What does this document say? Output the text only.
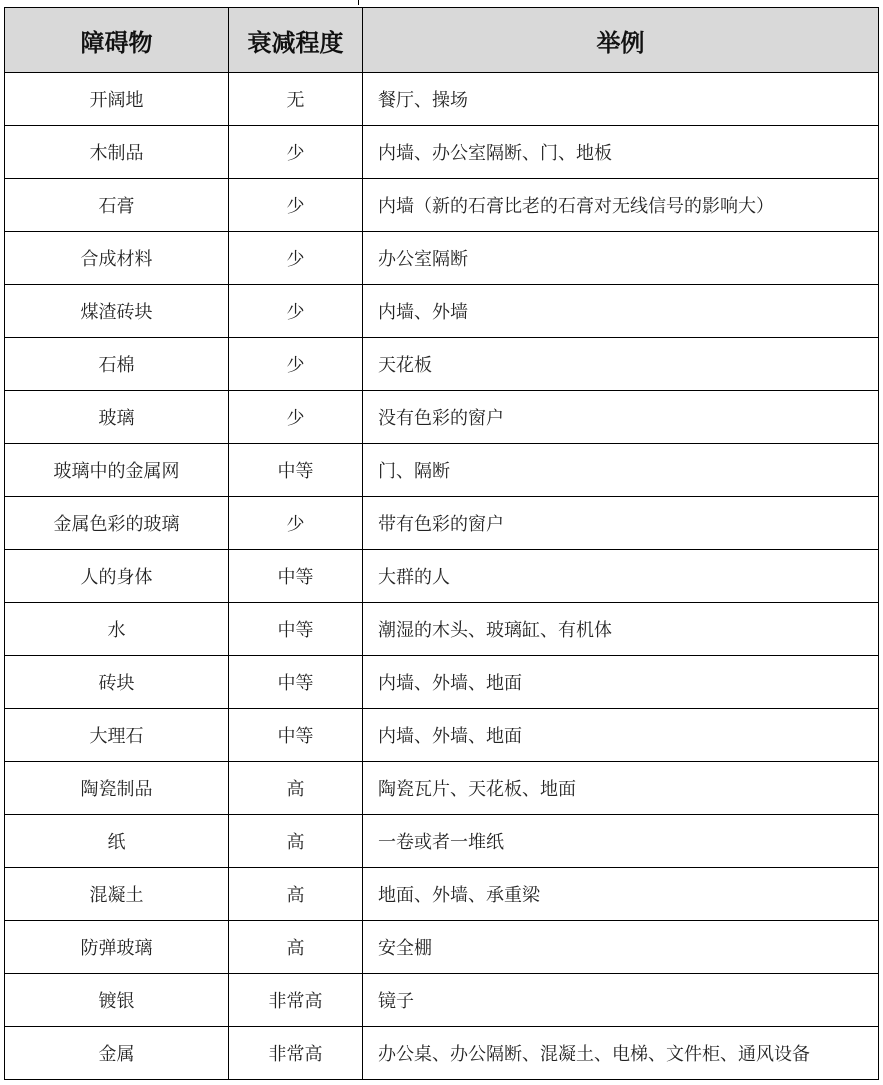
障碍物	衰减程度	举例
开阔地	无	餐厅、操场
木制品	少	内墙、办公室隔断、门、地板
石膏	少	内墙（新的石膏比老的石膏对无线信号的影响大）
合成材料	少	办公室隔断
煤渣砖块	少	内墙、外墙
石棉	少	天花板
玻璃	少	没有色彩的窗户
玻璃中的金属网	中等	门、隔断
金属色彩的玻璃	少	带有色彩的窗户
人的身体	中等	大群的人
水	中等	潮湿的木头、玻璃缸、有机体
砖块	中等	内墙、外墙、地面
大理石	中等	内墙、外墙、地面
陶瓷制品	高	陶瓷瓦片、天花板、地面
纸	高	一卷或者一堆纸
混凝土	高	地面、外墙、承重梁
防弹玻璃	高	安全棚
镀银	非常高	镜子
金属	非常高	办公桌、办公隔断、混凝土、电梯、文件柜、通风设备
